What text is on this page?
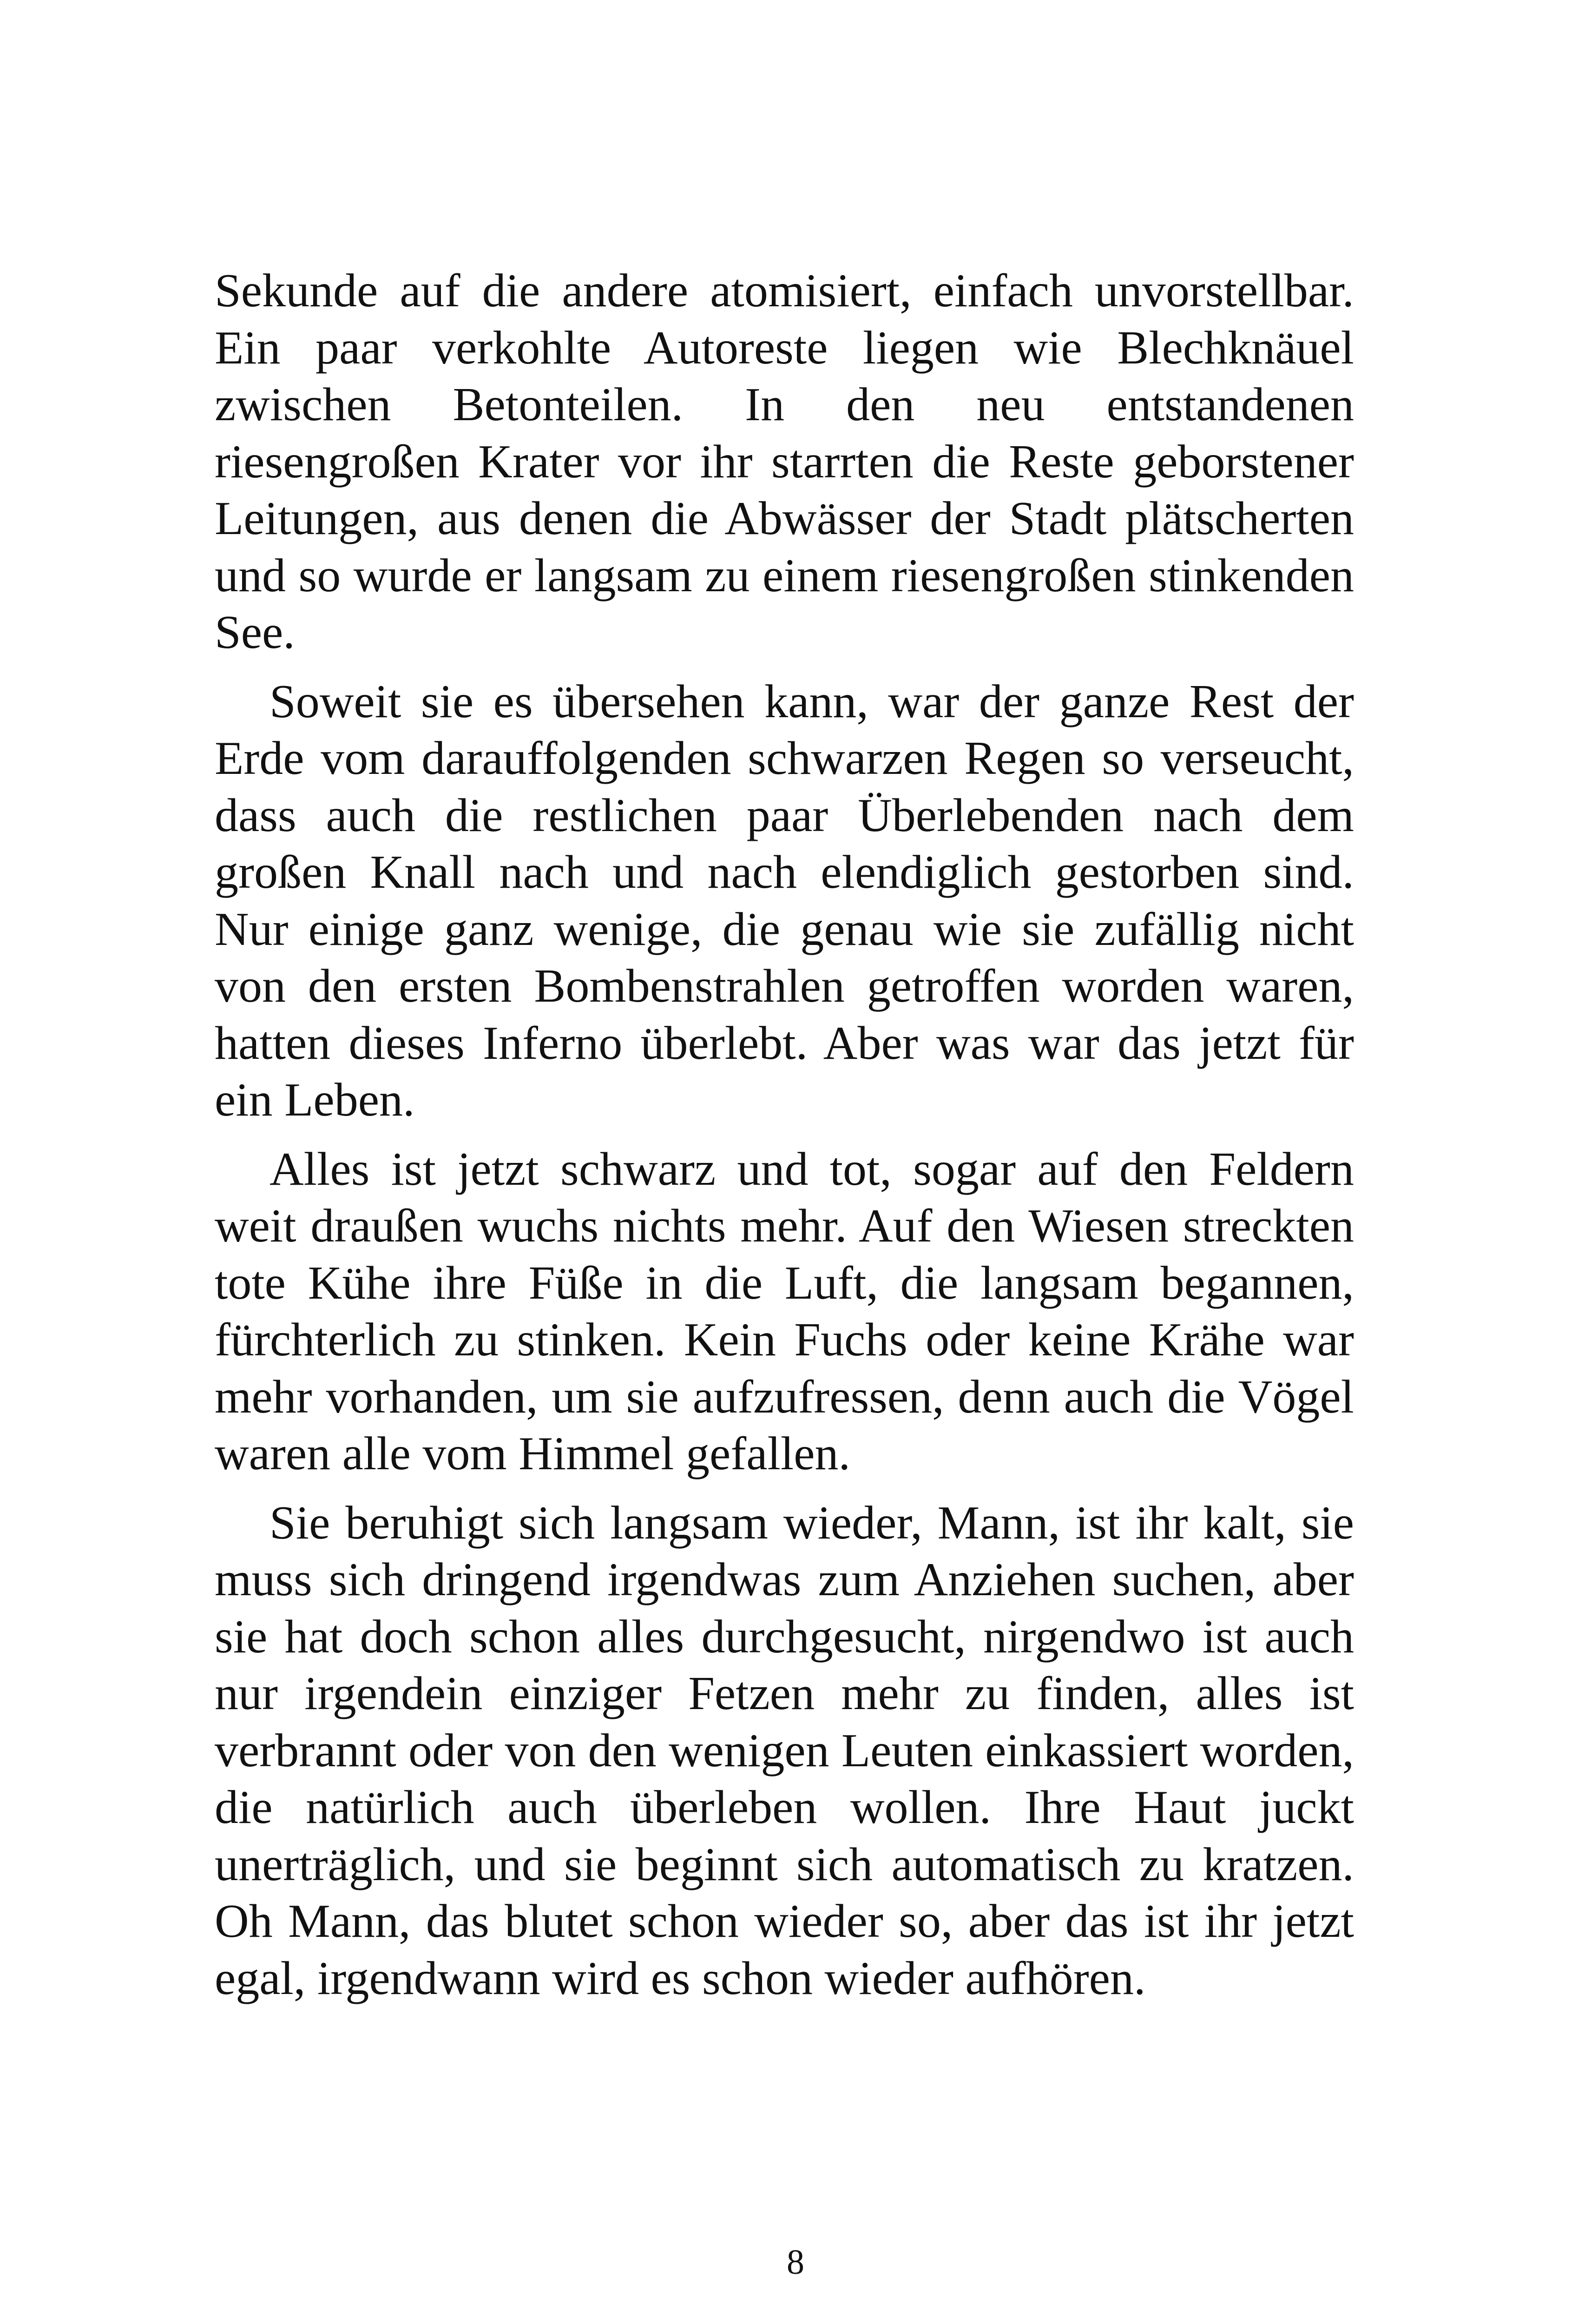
Sekunde auf die andere atomisiert, einfach unvorstellbar. Ein paar verkohlte Autoreste liegen wie Blechknäuel zwischen Betonteilen. In den neu entstandenen riesengroßen Krater vor ihr starrten die Reste geborstener Leitungen, aus denen die Abwässer der Stadt plätscherten und so wurde er langsam zu einem riesengroßen stinkenden See.

Soweit sie es übersehen kann, war der ganze Rest der Erde vom darauffolgenden schwarzen Regen so verseucht, dass auch die restlichen paar Überlebenden nach dem großen Knall nach und nach elendiglich gestorben sind. Nur einige ganz wenige, die genau wie sie zufällig nicht von den ersten Bombenstrahlen getroffen worden waren, hatten dieses Inferno überlebt. Aber was war das jetzt für ein Leben.

Alles ist jetzt schwarz und tot, sogar auf den Feldern weit draußen wuchs nichts mehr. Auf den Wiesen streckten tote Kühe ihre Füße in die Luft, die langsam begannen, fürchterlich zu stinken. Kein Fuchs oder keine Krähe war mehr vorhanden, um sie aufzufressen, denn auch die Vögel waren alle vom Himmel gefallen.

Sie beruhigt sich langsam wieder, Mann, ist ihr kalt, sie muss sich dringend irgendwas zum Anziehen suchen, aber sie hat doch schon alles durchgesucht, nirgendwo ist auch nur irgendein einziger Fetzen mehr zu finden, alles ist verbrannt oder von den wenigen Leuten einkassiert worden, die natürlich auch überleben wollen. Ihre Haut juckt unerträglich, und sie beginnt sich automatisch zu kratzen. Oh Mann, das blutet schon wieder so, aber das ist ihr jetzt egal, irgendwann wird es schon wieder aufhören.

8
